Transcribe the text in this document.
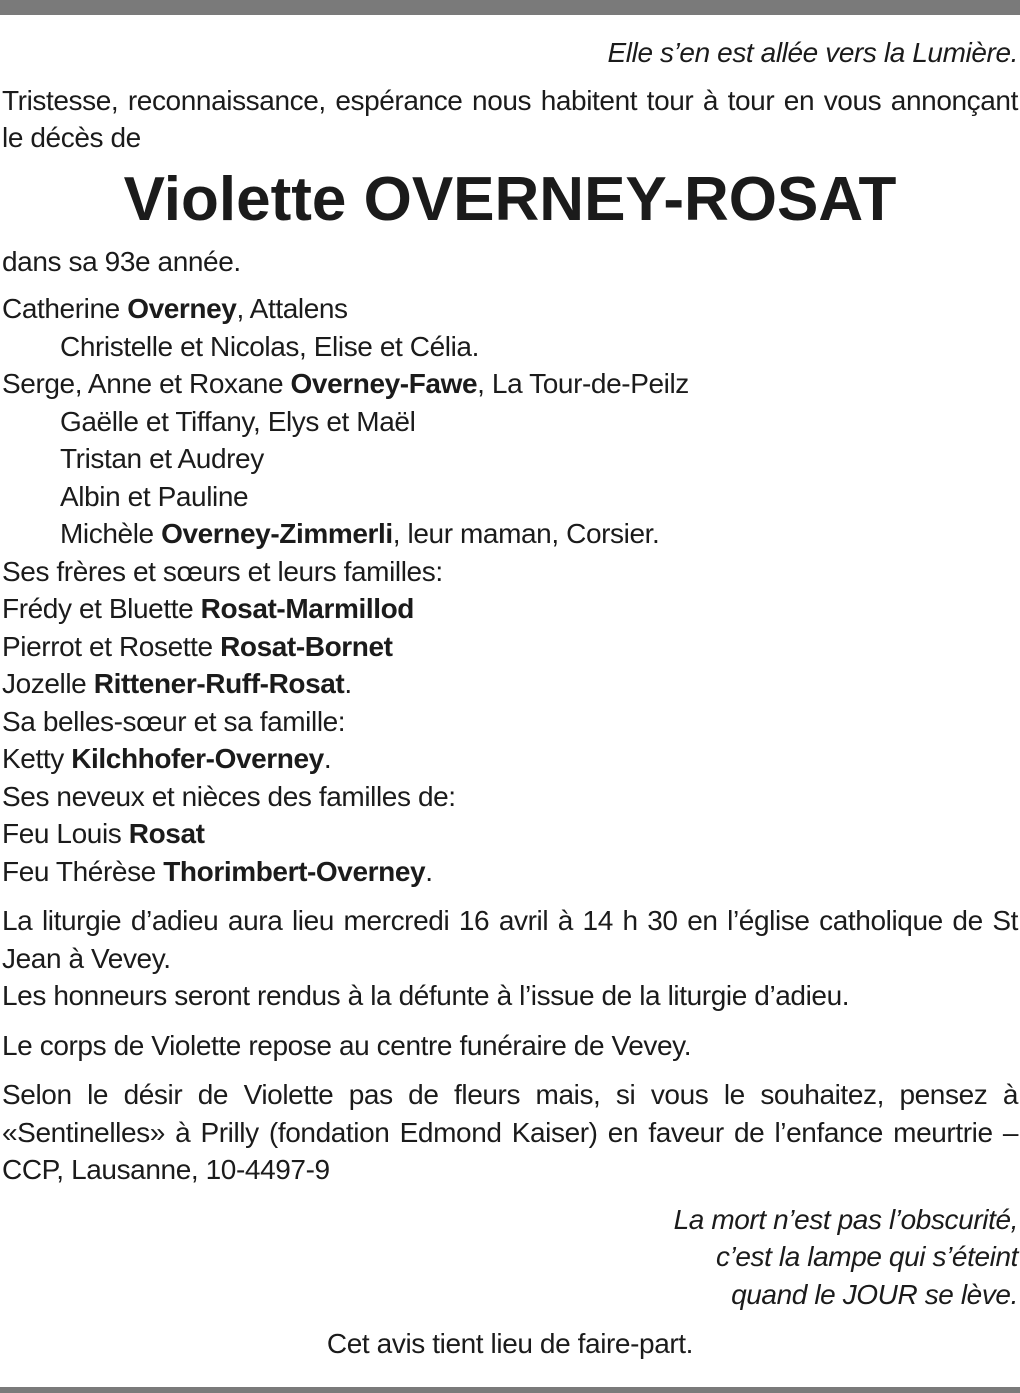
Elle s’en est allée vers la Lumière.

Tristesse, reconnaissance, espérance nous habitent tour à tour en vous annonçant le décès de

Violette OVERNEY-ROSAT

dans sa 93e année.

Catherine Overney, Attalens

Christelle et Nicolas, Elise et Célia.

Serge, Anne et Roxane Overney-Fawe, La Tour-de-Peilz

Gaëlle et Tiffany, Elys et Maël

Tristan et Audrey

Albin et Pauline

Michèle Overney-Zimmerli, leur maman, Corsier.

Ses frères et sœurs et leurs familles:

Frédy et Bluette Rosat-Marmillod

Pierrot et Rosette Rosat-Bornet

Jozelle Rittener-Ruff-Rosat.

Sa belles-sœur et sa famille:

Ketty Kilchhofer-Overney.

Ses neveux et nièces des familles de:

Feu Louis Rosat

Feu Thérèse Thorimbert-Overney.

La liturgie d’adieu aura lieu mercredi 16 avril à 14 h 30 en l’église catholique de St Jean à Vevey.

Les honneurs seront rendus à la défunte à l’issue de la liturgie d’adieu.

Le corps de Violette repose au centre funéraire de Vevey.

Selon le désir de Violette pas de fleurs mais, si vous le souhaitez, pensez à «Sentinelles» à Prilly (fondation Edmond Kaiser) en faveur de l’enfance meurtrie – CCP, Lausanne, 10-4497-9

La mort n’est pas l’obscurité,

c’est la lampe qui s’éteint

quand le JOUR se lève.

Cet avis tient lieu de faire-part.
